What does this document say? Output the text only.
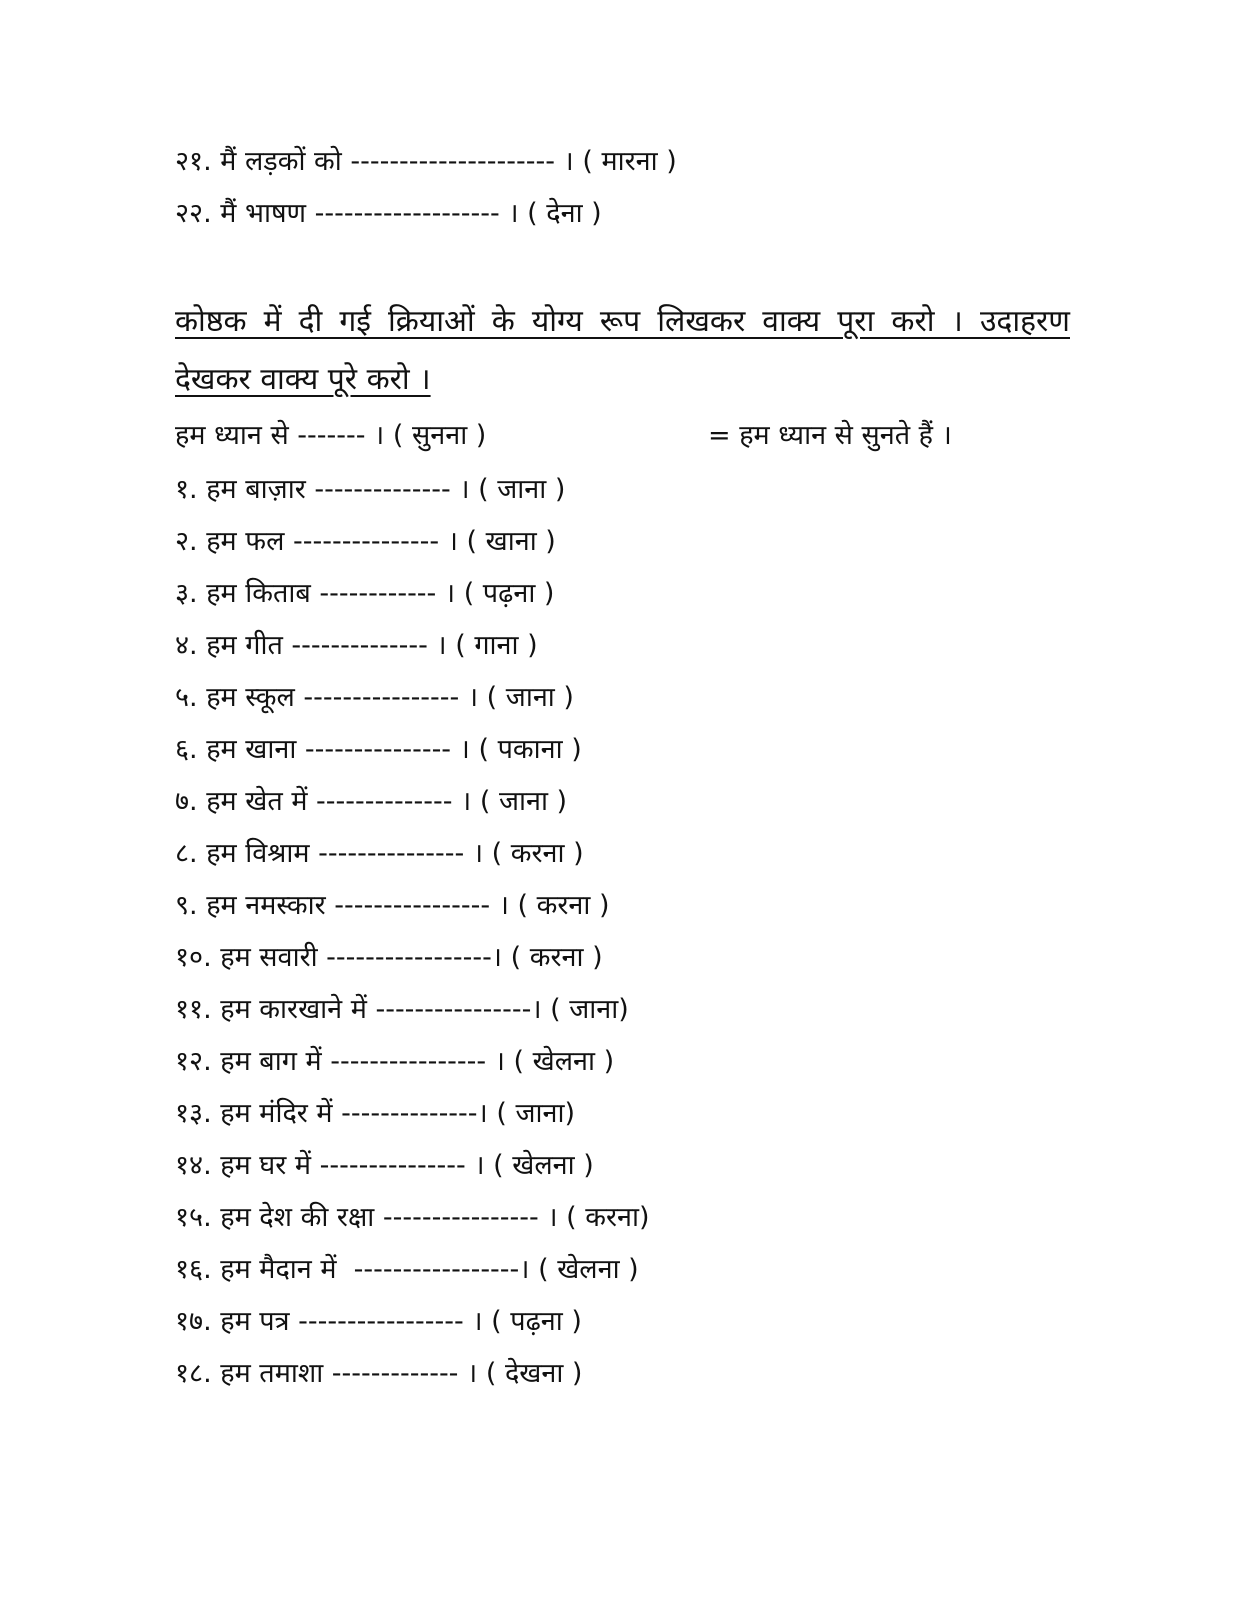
२१. मैं लड़कों को --------------------- । ( मारना )
२२. मैं भाषण ------------------- । ( देना )
कोष्ठक में दी गई क्रियाओं के योग्य रूप लिखकर वाक्य पूरा करो । उदाहरण
देखकर वाक्य पूरे करो ।
हम ध्यान से ------- । ( सुनना )	= हम ध्यान से सुनते हैं ।
१. हम बाज़ार -------------- । ( जाना )
२. हम फल --------------- । ( खाना )
३. हम किताब ------------ । ( पढ़ना )
४. हम गीत -------------- । ( गाना )
५. हम स्कूल ---------------- । ( जाना )
६. हम खाना --------------- । ( पकाना )
७. हम खेत में -------------- । ( जाना )
८. हम विश्राम --------------- । ( करना )
९. हम नमस्कार ---------------- । ( करना )
१०. हम सवारी -----------------। ( करना )
११. हम कारखाने में ----------------। ( जाना)
१२. हम बाग में ---------------- । ( खेलना )
१३. हम मंदिर में --------------। ( जाना)
१४. हम घर में --------------- । ( खेलना )
१५. हम देश की रक्षा ---------------- । ( करना)
१६. हम मैदान में  -----------------। ( खेलना )
१७. हम पत्र ----------------- । ( पढ़ना )
१८. हम तमाशा ------------- । ( देखना )
